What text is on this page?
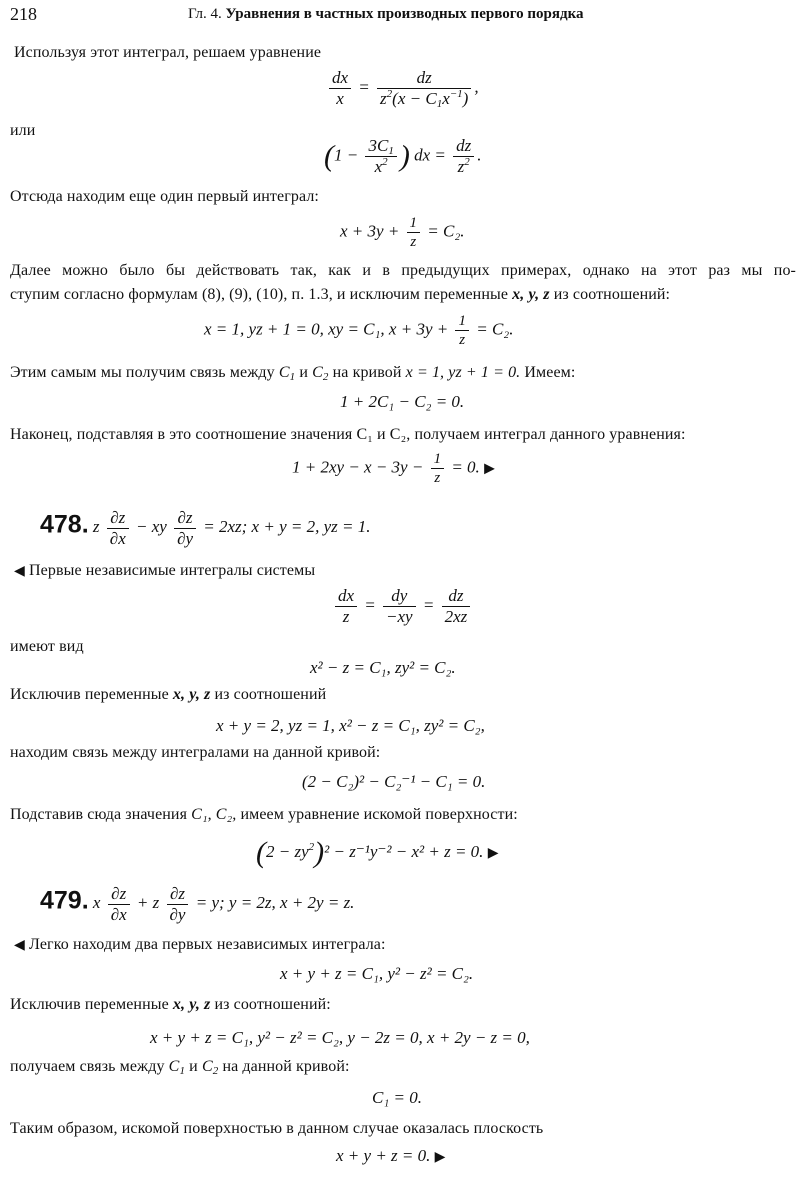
218	Гл. 4. Уравнения в частных производных первого порядка
Используя этот интеграл, решаем уравнение
$\frac{dx}{x} = \frac{dz}{z^2(x - C_1x^{-1})}$ ,
или
($1 - \frac{3C_1}{x^2}$ ) dx = $\frac{dz}{z^2}$ .
Отсюда находим еще один первый интеграл:
$x + 3y + \frac{1}{z} = C_2$.
Далее можно было бы действовать так, как и в предыдущих примерах, однако на этот раз мы по-
ступим согласно формулам (8), (9), (10), п. 1.3, и исключим переменные x, y, z из соотношений:
x = 1, yz + 1 = 0, xy = C₁, $x + 3y + \frac{1}{z} = C_2$.
Этим самым мы получим связь между $C_1$ и $C_2$ на кривой x = 1, yz + 1 = 0. Имеем:
1 + 2C₁ − C₂ = 0.
Наконец, подставляя в это соотношение значения C₁ и C₂, получаем интеграл данного уравнения:
$1 + 2xy - x - 3y - \frac{1}{z} = 0$. ▶
478. z $\frac{\partial z}{\partial x}$ − xy $\frac{\partial z}{\partial y} = 2xz$; x + y = 2, yz = 1.
◀ Первые независимые интегралы системы
$\frac{dx}{z} = \frac{dy}{-xy} = \frac{dz}{2xz}$
имеют вид
x² − z = C₁, zy² = C₂.
Исключив переменные x, y, z из соотношений
x + y = 2, yz = 1, x² − z = C₁, zy² = C₂,
находим связь между интегралами на данной кривой:
(2 − C₂)² − C₂⁻¹ − C₁ = 0.
Подставив сюда значения C₁, C₂, имеем уравнение искомой поверхности:
$(2 - zy^2)^2 - z^{-1}y^{-2} - x^2 + z = 0$. ▶
479. x $\frac{\partial z}{\partial x} + z \frac{\partial z}{\partial y} = y$; y = 2z, x + 2y = z.
◀ Легко находим два первых независимых интеграла:
x + y + z = C₁, y² − z² = C₂.
Исключив переменные x, y, z из соотношений:
x + y + z = C₁, y² − z² = C₂, y − 2z = 0, x + 2y − z = 0,
получаем связь между $C_1$ и $C_2$ на данной кривой:
C₁ = 0.
Таким образом, искомой поверхностью в данном случае оказалась плоскость
x + y + z = 0. ▶
